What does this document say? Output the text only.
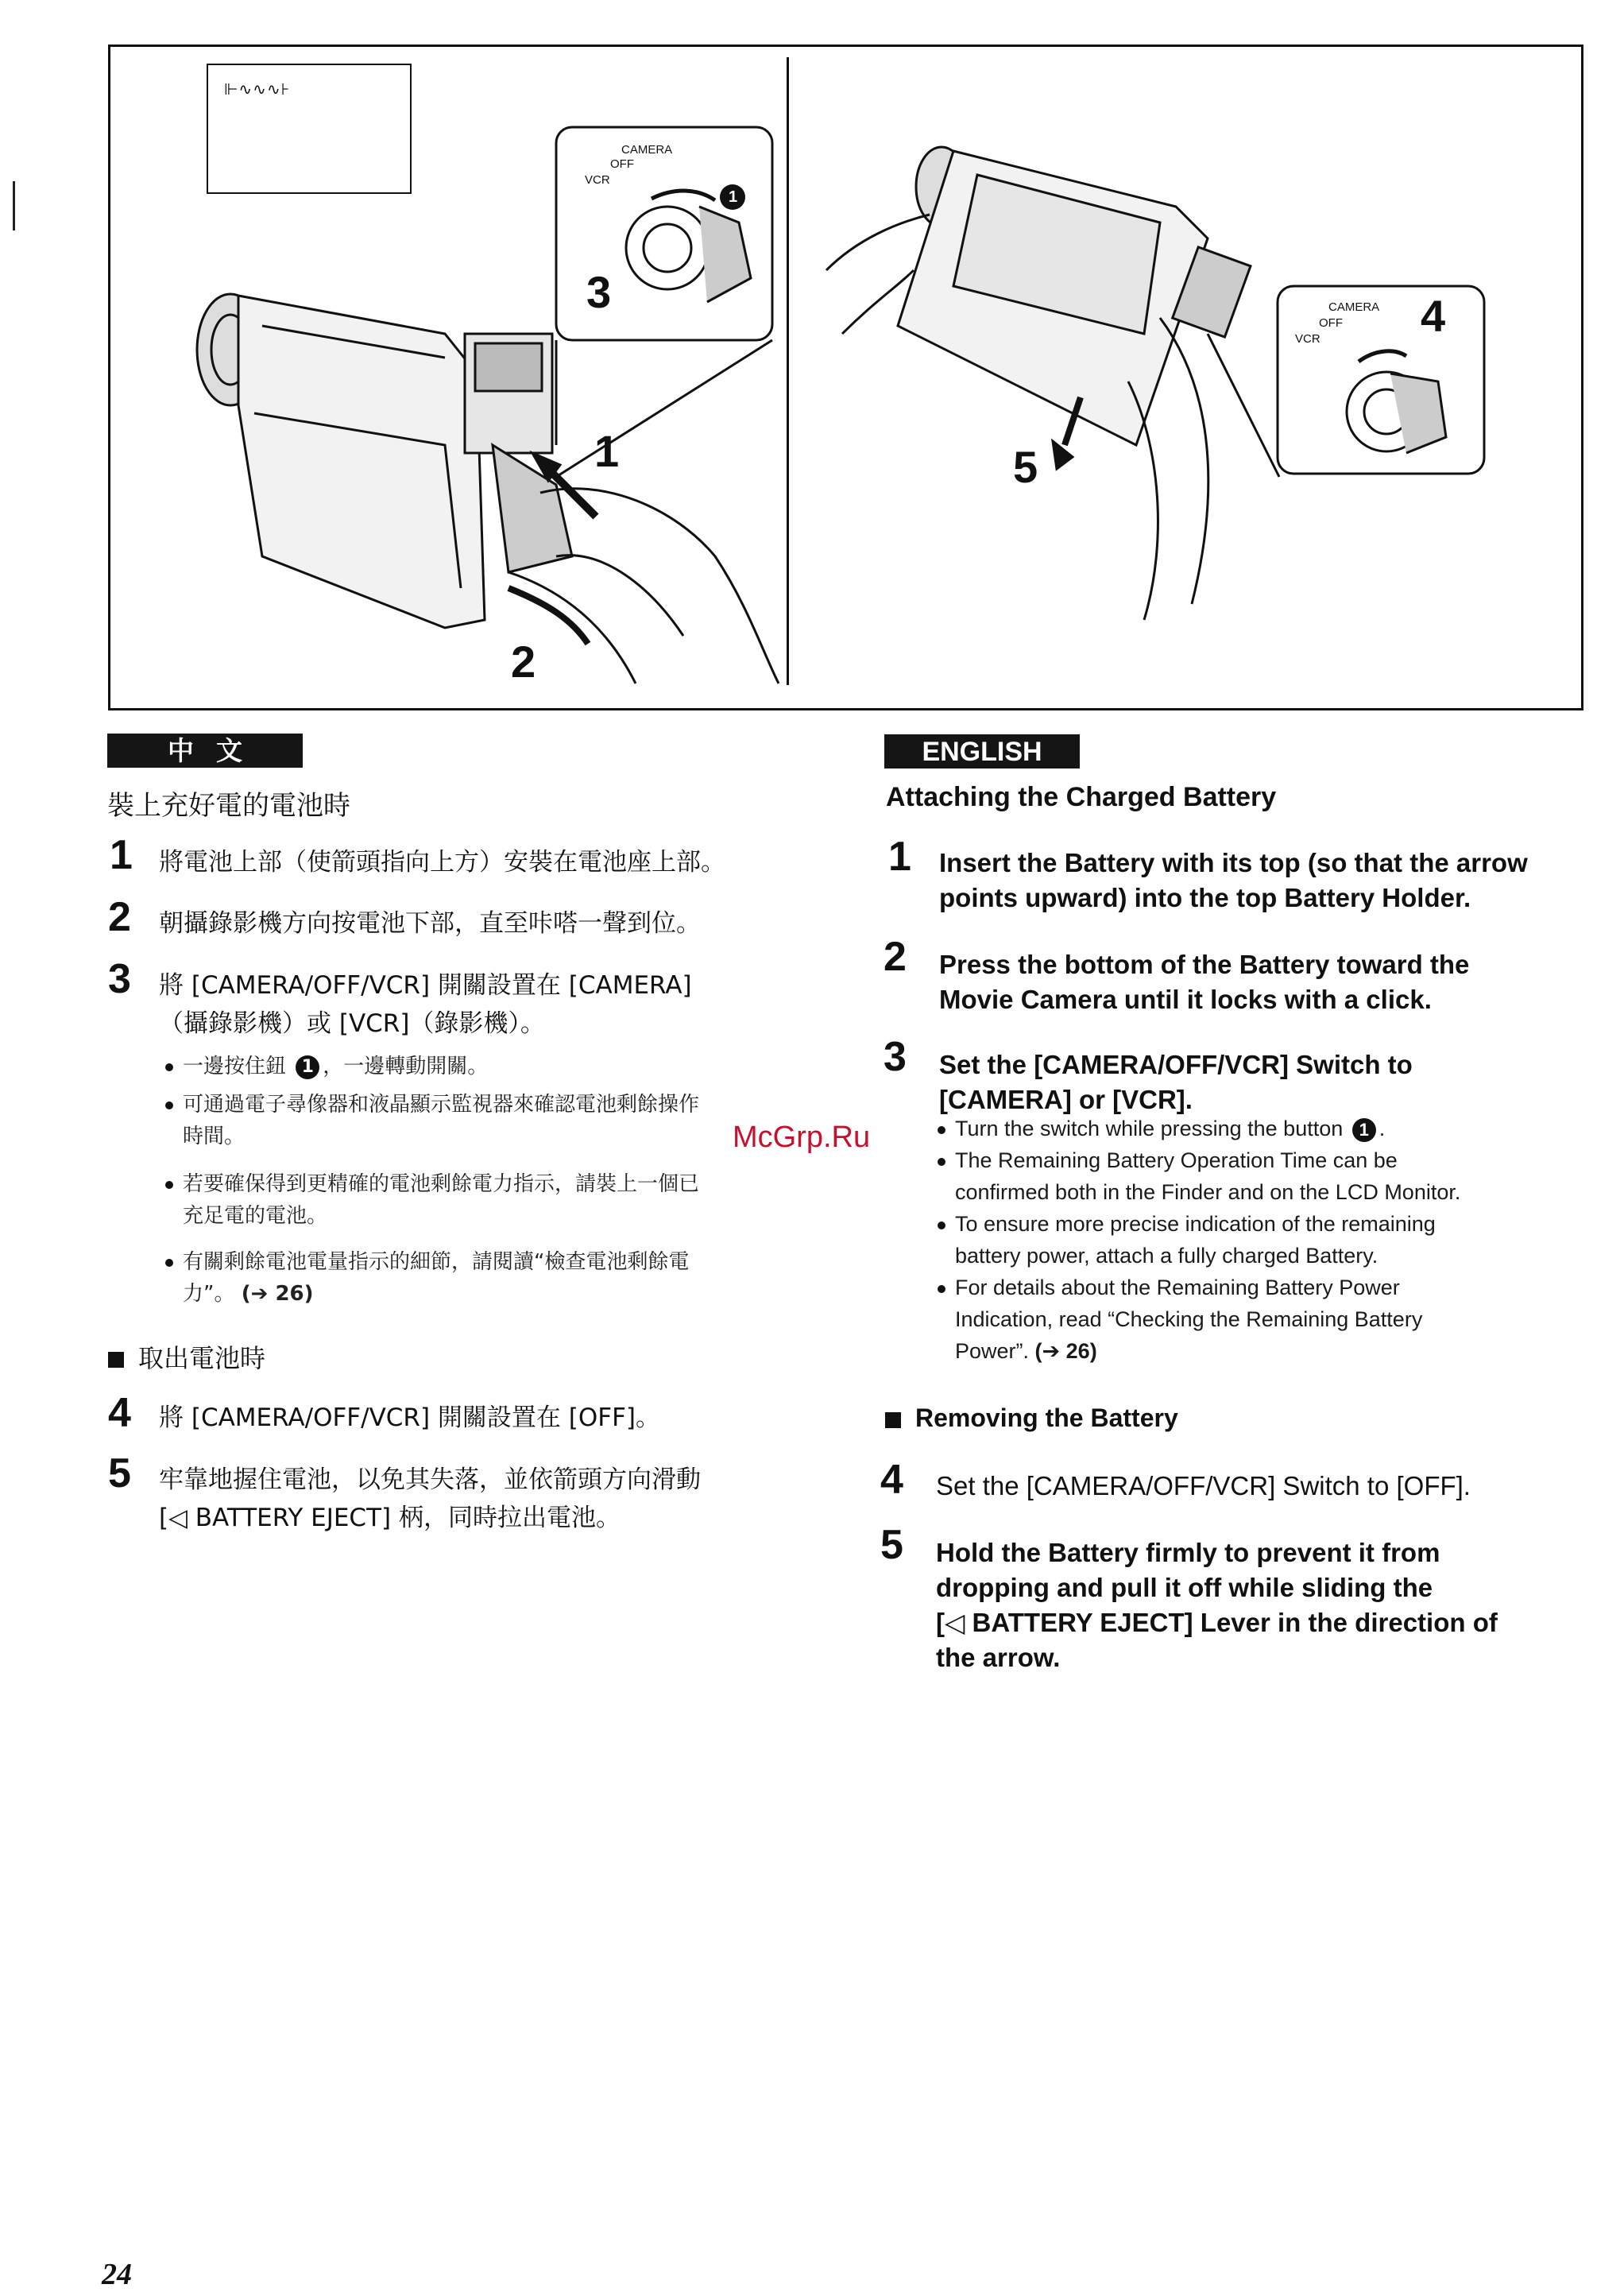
⊩∿∿∿⊦
CAMERA
OFF
VCR
1
CAMERA
OFF
VCR
3
1
2
4
5
中文
裝上充好電的電池時
1 將電池上部（使箭頭指向上方）安裝在電池座上部。
2 朝攝錄影機方向按電池下部，直至咔嗒一聲到位。
3 將 [CAMERA/OFF/VCR] 開關設置在 [CAMERA]
（攝錄影機）或 [VCR]（錄影機）。
一邊按住鈕 1 ，一邊轉動開關。
可通過電子尋像器和液晶顯示監視器來確認電池剩餘操作
時間。
若要確保得到更精確的電池剩餘電力指示，請裝上一個已
充足電的電池。
有關剩餘電池電量指示的細節，請閱讀“檢查電池剩餘電
力”。 (➔ 26)
取出電池時
4 將 [CAMERA/OFF/VCR] 開關設置在 [OFF]。
5 牢靠地握住電池，以免其失落，並依箭頭方向滑動
[◁ BATTERY EJECT] 柄，同時拉出電池。
ENGLISH
Attaching the Charged Battery
1 Insert the Battery with its top (so that the arrow
points upward) into the top Battery Holder.
2 Press the bottom of the Battery toward the
Movie Camera until it locks with a click.
3 Set the [CAMERA/OFF/VCR] Switch to
[CAMERA] or [VCR].
Turn the switch while pressing the button 1 .
The Remaining Battery Operation Time can be
confirmed both in the Finder and on the LCD Monitor.
To ensure more precise indication of the remaining
battery power, attach a fully charged Battery.
For details about the Remaining Battery Power
Indication, read “Checking the Remaining Battery
Power”. (➔ 26)
Removing the Battery
4 Set the [CAMERA/OFF/VCR] Switch to [OFF].
5 Hold the Battery firmly to prevent it from
dropping and pull it off while sliding the
[◁ BATTERY EJECT] Lever in the direction of
the arrow.
McGrp.Ru
24
